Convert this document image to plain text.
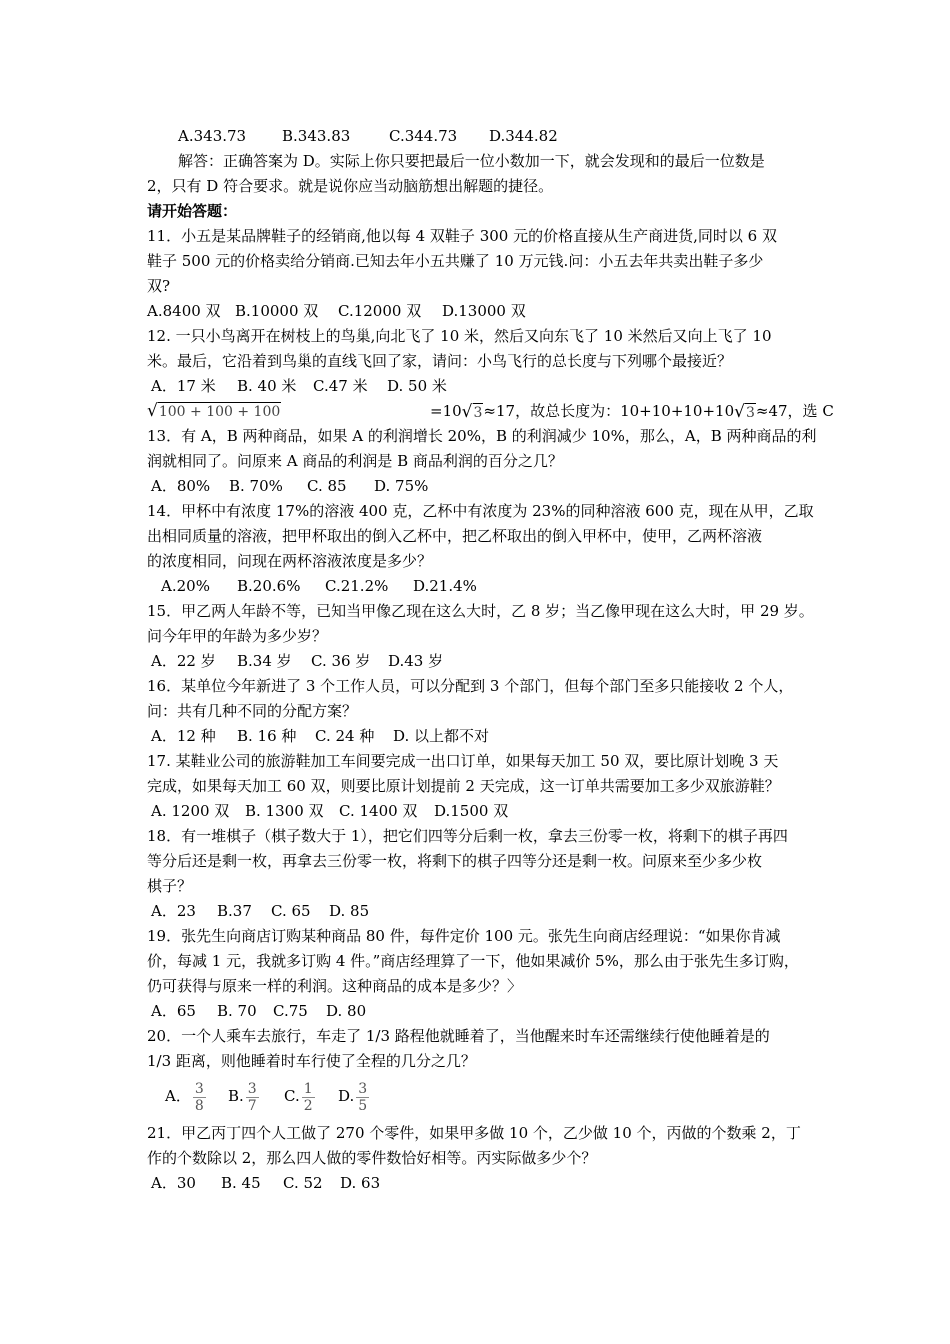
A.343.73 B.343.83	C.344.73 D.344.82
解答：正确答案为 D。实际上你只要把最后一位小数加一下，就会发现和的最后一位数是
2，只有 D 符合要求。就是说你应当动脑筋想出解题的捷径。
请开始答题：
11．小五是某品牌鞋子的经销商,他以每 4 双鞋子 300 元的价格直接从生产商进货,同时以 6 双
鞋子 500 元的价格卖给分销商.已知去年小五共赚了 10 万元钱.问：小五去年共卖出鞋子多少
双?
A.8400 双 B.10000 双 C.12000 双 D.13000 双
12. 一只小鸟离开在树枝上的鸟巢,向北飞了 10 米，然后又向东飞了 10 米然后又向上飞了 10
米。最后，它沿着到鸟巢的直线飞回了家，请问：小鸟飞行的总长度与下列哪个最接近？
A．17 米 B. 40 米 C.47 米 D. 50 米
√ 100 + 100 + 100	=10 √ 3 ≈17，故总长度为：10+10+10+10 √ 3 ≈47，选 C
13．有 A，B 两种商品，如果 A 的利润增长 20%，B 的利润减少 10%，那么，A，B 两种商品的利
润就相同了。问原来 A 商品的利润是 B 商品利润的百分之几？
A．80% B. 70% C. 85 D. 75%
14．甲杯中有浓度 17%的溶液 400 克，乙杯中有浓度为 23%的同种溶液 600 克，现在从甲，乙取
出相同质量的溶液，把甲杯取出的倒入乙杯中，把乙杯取出的倒入甲杯中，使甲，乙两杯溶液
的浓度相同，问现在两杯溶液浓度是多少？
A.20% B.20.6% C.21.2% D.21.4%
15．甲乙两人年龄不等，已知当甲像乙现在这么大时，乙 8 岁；当乙像甲现在这么大时，甲 29 岁。
问今年甲的年龄为多少岁？
A．22 岁 B.34 岁 C. 36 岁 D.43 岁
16．某单位今年新进了 3 个工作人员，可以分配到 3 个部门，但每个部门至多只能接收 2 个人，
问：共有几种不同的分配方案？
A．12 种 B. 16 种 C. 24 种 D. 以上都不对
17. 某鞋业公司的旅游鞋加工车间要完成一出口订单，如果每天加工 50 双，要比原计划晚 3 天
完成，如果每天加工 60 双，则要比原计划提前 2 天完成，这一订单共需要加工多少双旅游鞋？
A. 1200 双 B. 1300 双 C. 1400 双 D.1500 双
18．有一堆棋子（棋子数大于 1），把它们四等分后剩一枚，拿去三份零一枚，将剩下的棋子再四
等分后还是剩一枚，再拿去三份零一枚，将剩下的棋子四等分还是剩一枚。问原来至少多少枚
棋子？
A．23 B.37 C. 65 D. 85
19．张先生向商店订购某种商品 80 件，每件定价 100 元。张先生向商店经理说：“如果你肯减
价，每减 1 元，我就多订购 4 件。”商店经理算了一下，他如果减价 5%，那么由于张先生多订购，
仍可获得与原来一样的利润。这种商品的成本是多少？〉
A．65 B. 70 C.75 D. 80
20．一个人乘车去旅行，车走了 1/3 路程他就睡着了，当他醒来时车还需继续行使他睡着是的
1/3 距离，则他睡着时车行使了全程的几分之几？
A． $\frac{3}{8} B$. $\frac{3}{7} C$. $\frac{1}{2} D$. $\frac{3}{5}$
21．甲乙丙丁四个人工做了 270 个零件，如果甲多做 10 个，乙少做 10 个，丙做的个数乘 2，丁
作的个数除以 2，那么四人做的零件数恰好相等。丙实际做多少个？
A．30 B. 45 C. 52 D. 63
